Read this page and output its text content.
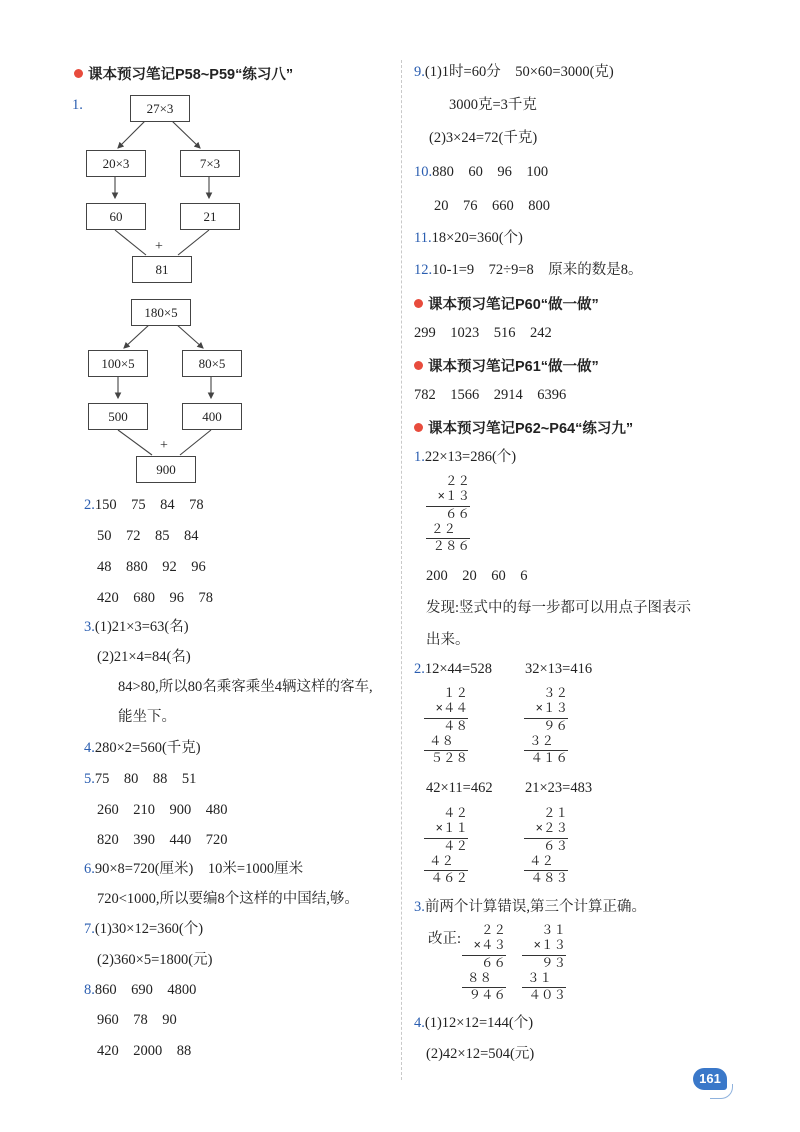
课本预习笔记P58~P59“练习八”
1.	27×3
20×3	7×3
60	21
+
81
180×5
100×5	80×5
500	400
+
900
2.150　75　84　78
50　72　85　84
48　880　92　96
420　680　96　78
3.(1)21×3=63(名)
(2)21×4=84(名)
84>80,所以80名乘客乘坐4辆这样的客车,
能坐下。
4.280×2=560(千克)
5.75　80　88　51
260　210　900　480
820　390　440　720
6.90×8=720(厘米)　10米=1000厘米
720<1000,所以要编8个这样的中国结,够。
7.(1)30×12=360(个)
(2)360×5=1800(元)
8.860　690　4800
960　78　90
420　2000　88
9.(1)1时=60分　50×60=3000(克)
3000克=3千克
(2)3×24=72(千克)
10.880　60　96　100
20　76　660　800
11.18×20=360(个)
12.10-1=9　72÷9=8　原来的数是8。
课本预习笔记P60“做一做”
299　1023　516　242
课本预习笔记P61“做一做”
782　1566　2914　6396
课本预习笔记P62~P64“练习九”
1.22×13=286(个)
２２
×１３
６６
２２
２８６
200　20　60　6
发现:竖式中的每一步都可以用点子图表示
出来。
2.12×44=528 32×13=416
１２
×４４
４８
４８
５２８
３２
×１３
９６
３２
４１６
42×11=462 21×23=483
４２
×１１
４２
４２
４６２
２１
×２３
６３
４２
４８３
3.前两个计算错误,第三个计算正确。
改正: ２２
×４３
６６
８８
９４６
３１
×１３
９３
３１
４０３
4.(1)12×12=144(个)
(2)42×12=504(元)
161
